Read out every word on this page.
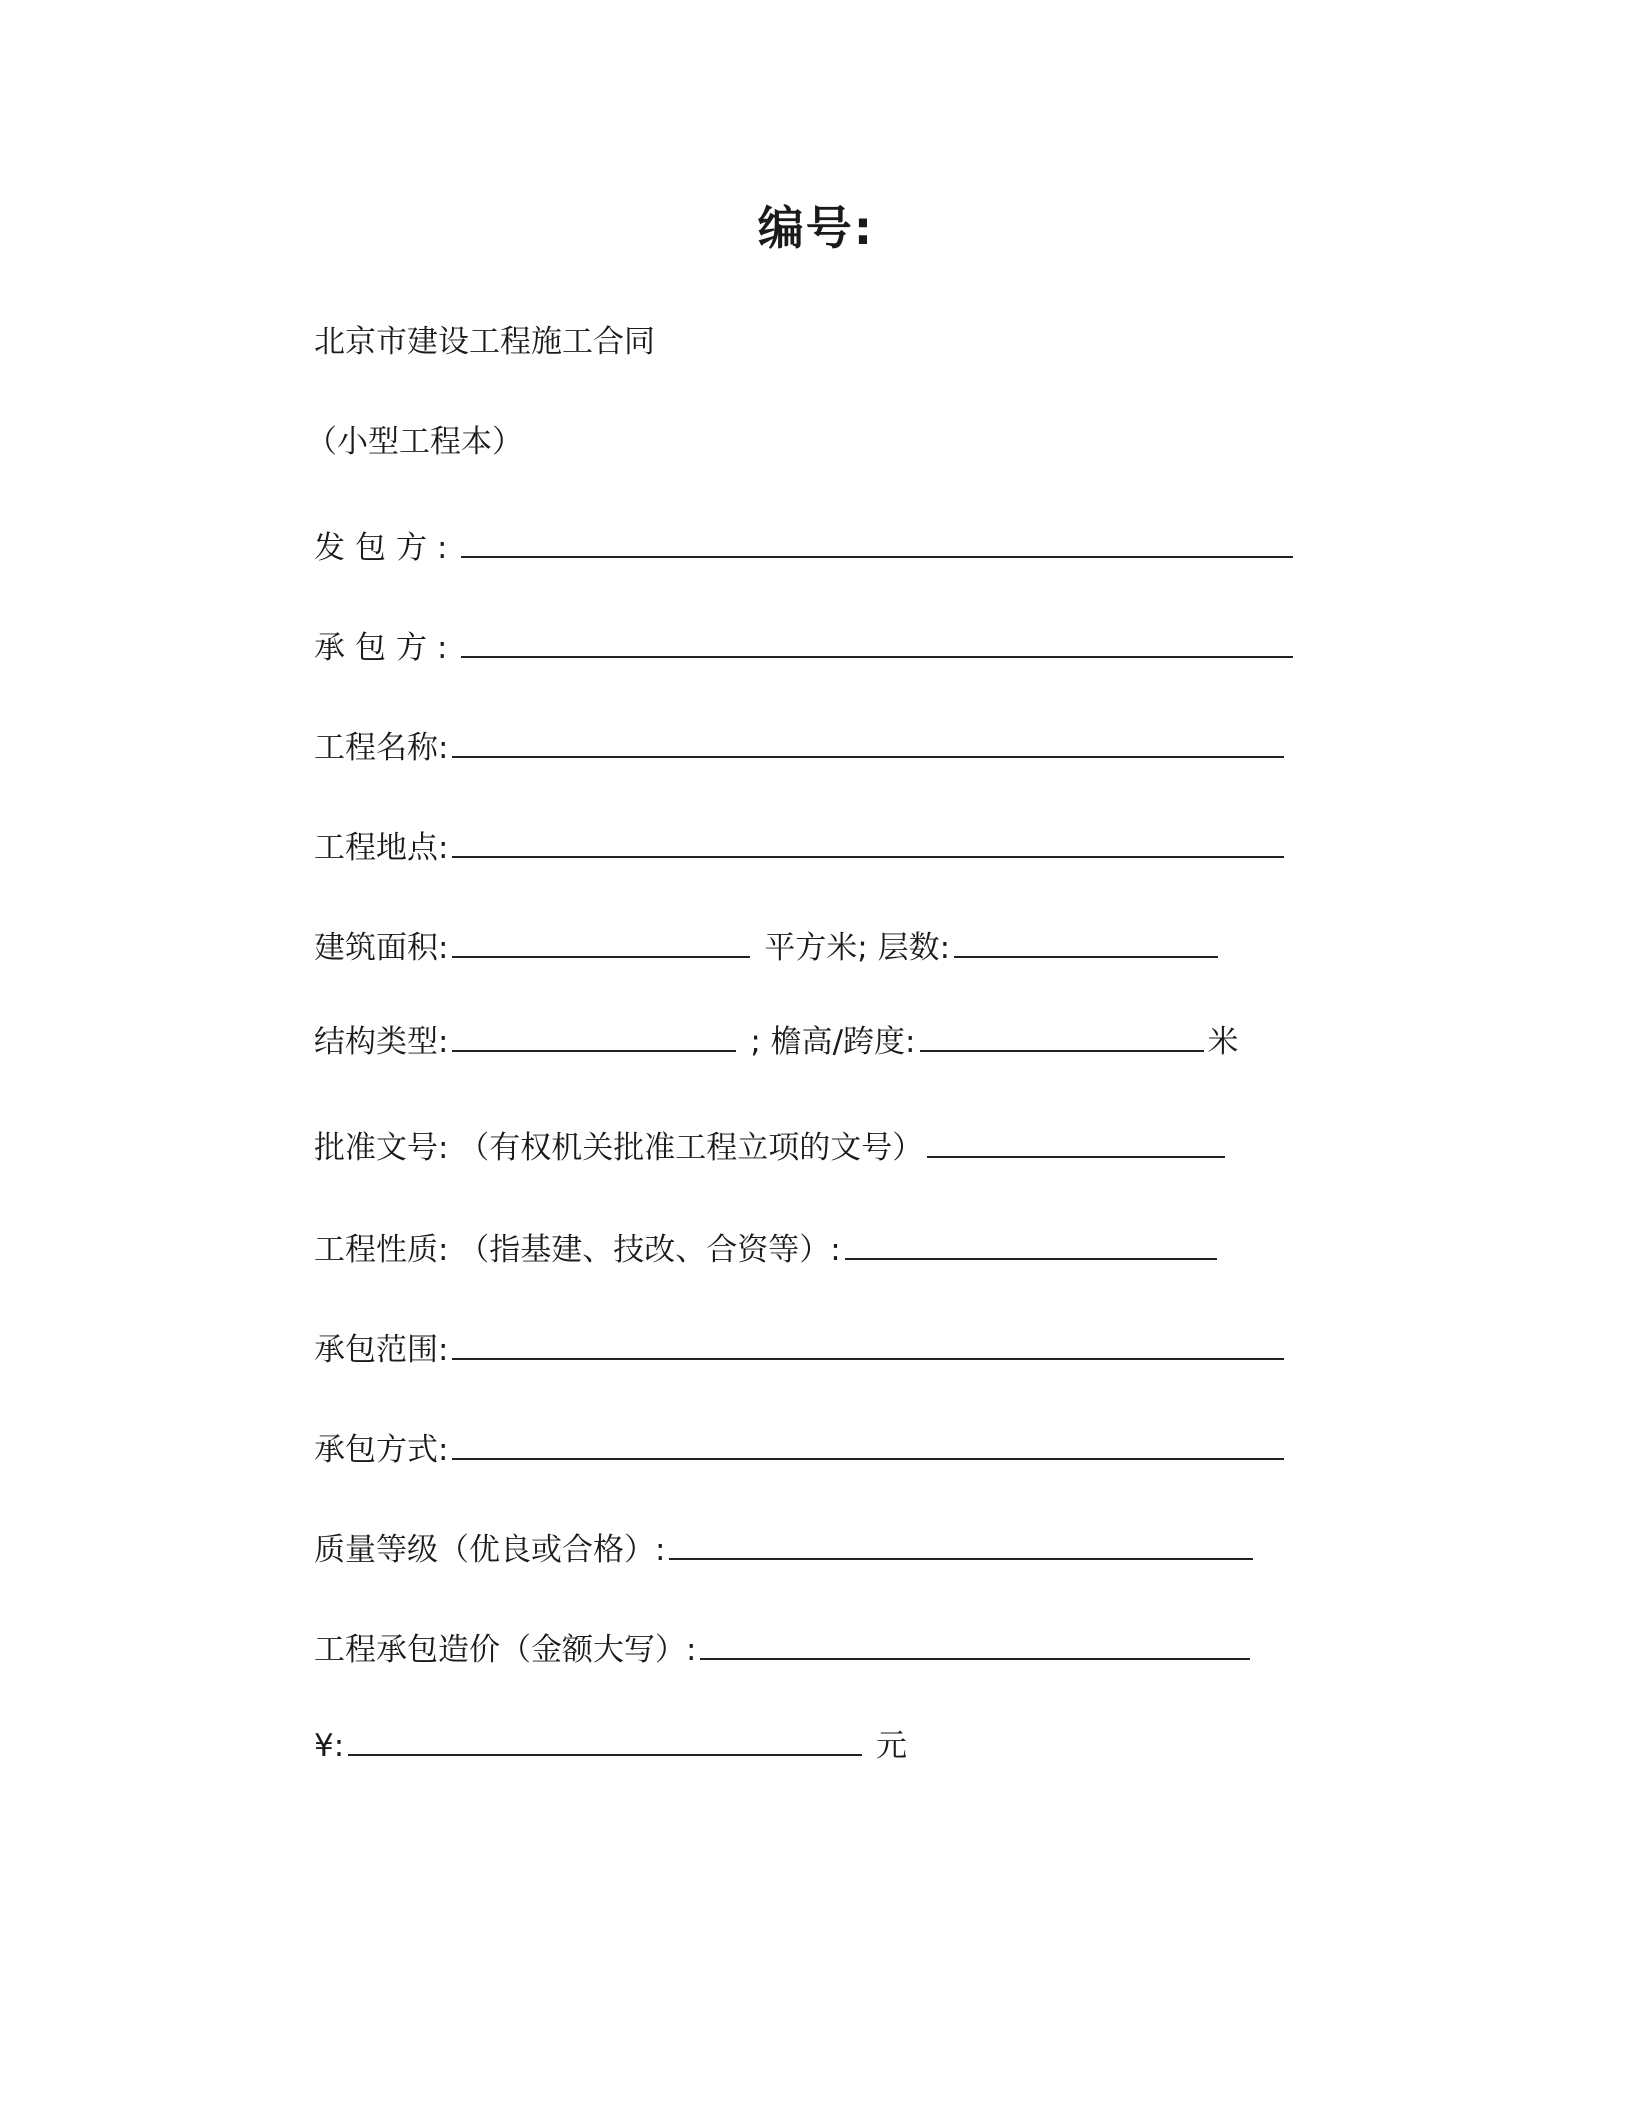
编号:
北京市建设工程施工合同
（小型工程本）
发包方:
承包方:
工程名称:
工程地点:
建筑面积:	平方米; 层数:
结构类型:	; 檐高/跨度:	米
批准文号: （有权机关批准工程立项的文号）
工程性质: （指基建、技改、合资等）:
承包范围:
承包方式:
质量等级（优良或合格）:
工程承包造价（金额大写）:
¥:	元
